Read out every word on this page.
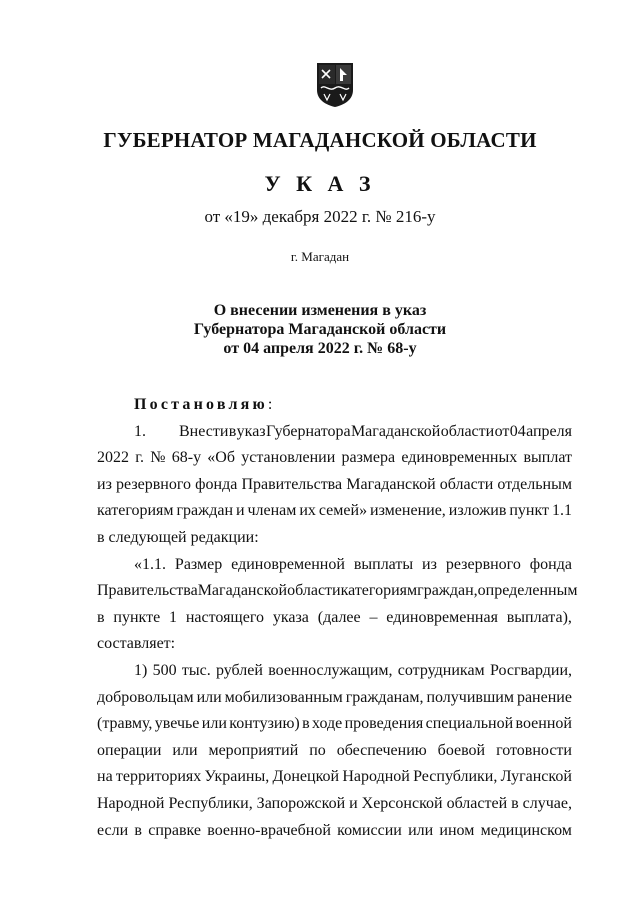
ГУБЕРНАТОР МАГАДАНСКОЙ ОБЛАСТИ
У К А З
от «19» декабря 2022 г. № 216-у
г. Магадан
О внесении изменения в указ
Губернатора Магаданской области
от 04 апреля 2022 г. № 68-у
Постановляю :
1.	Внести в указ Губернатора Магаданской области от 04 апреля
2022 г. № 68-у «Об установлении размера единовременных выплат
из резервного фонда Правительства Магаданской области отдельным
категориям граждан и членам их семей» изменение, изложив пункт 1.1
в следующей редакции:
«1.1. Размер единовременной выплаты из резервного фонда
Правительства Магаданской области категориям граждан, определенным
в пункте 1 настоящего указа (далее – единовременная выплата),
составляет:
1) 500 тыс. рублей военнослужащим, сотрудникам Росгвардии,
добровольцам или мобилизованным гражданам, получившим ранение
(травму, увечье или контузию) в ходе проведения специальной военной
операции или мероприятий по обеспечению боевой готовности
на территориях Украины, Донецкой Народной Республики, Луганской
Народной Республики, Запорожской и Херсонской областей в случае,
если в справке военно-врачебной комиссии или ином медицинском
